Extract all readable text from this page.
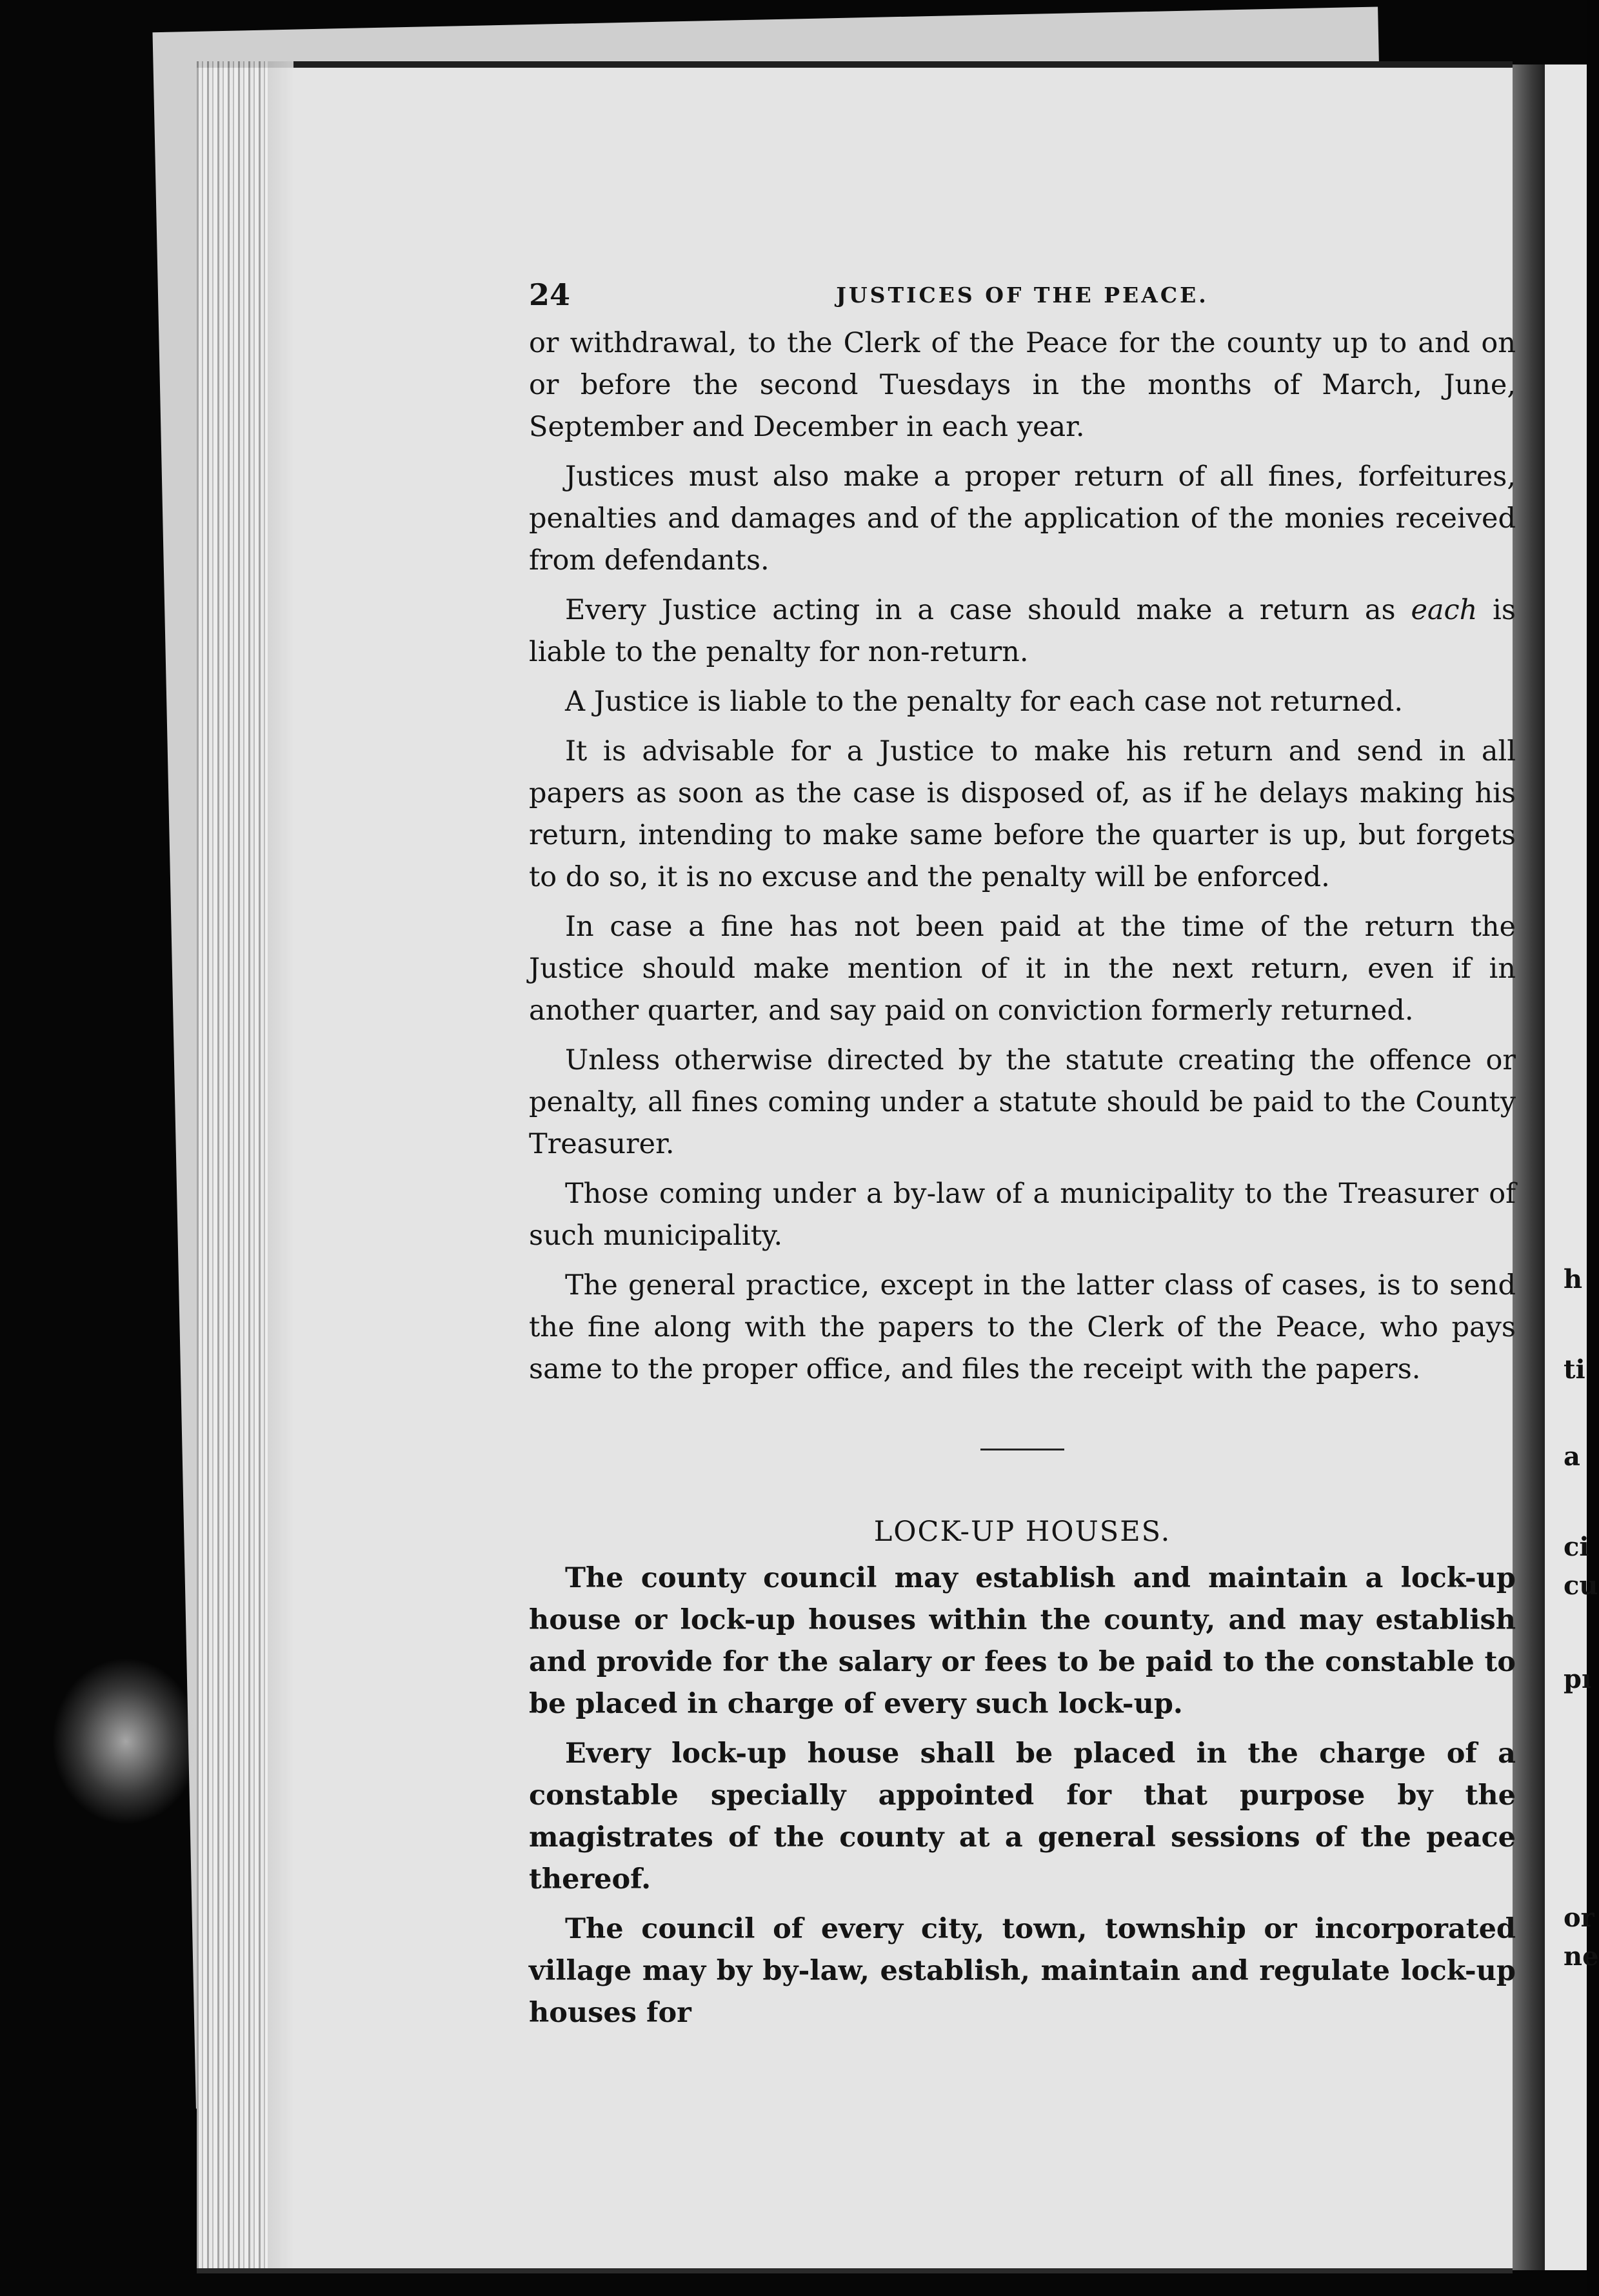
24	JUSTICES OF THE PEACE.

or withdrawal, to the Clerk of the Peace for the county up to and on or before the second Tuesdays in the months of March, June, September and December in each year.

Justices must also make a proper return of all fines, forfeitures, penalties and damages and of the application of the monies received from defendants.

Every Justice acting in a case should make a return as each is liable to the penalty for non-return.

A Justice is liable to the penalty for each case not returned.

It is advisable for a Justice to make his return and send in all papers as soon as the case is disposed of, as if he delays making his return, intending to make same before the quarter is up, but forgets to do so, it is no excuse and the penalty will be enforced.

In case a fine has not been paid at the time of the return the Justice should make mention of it in the next return, even if in another quarter, and say paid on conviction formerly returned.

Unless otherwise directed by the statute creating the offence or penalty, all fines coming under a statute should be paid to the County Treasurer.

Those coming under a by-law of a municipality to the Treasurer of such municipality.

The general practice, except in the latter class of cases, is to send the fine along with the papers to the Clerk of the Peace, who pays same to the proper office, and files the receipt with the papers.

LOCK-UP HOUSES.

The county council may establish and maintain a lock-up house or lock-up houses within the county, and may establish and provide for the salary or fees to be paid to the constable to be placed in charge of every such lock-up.

Every lock-up house shall be placed in the charge of a constable specially appointed for that purpose by the magistrates of the county at a general sessions of the peace thereof.

The council of every city, town, township or incorporated village may by by-law, establish, maintain and regulate lock-up houses for

h
ti
a
ci
cu
pı
or
ne
